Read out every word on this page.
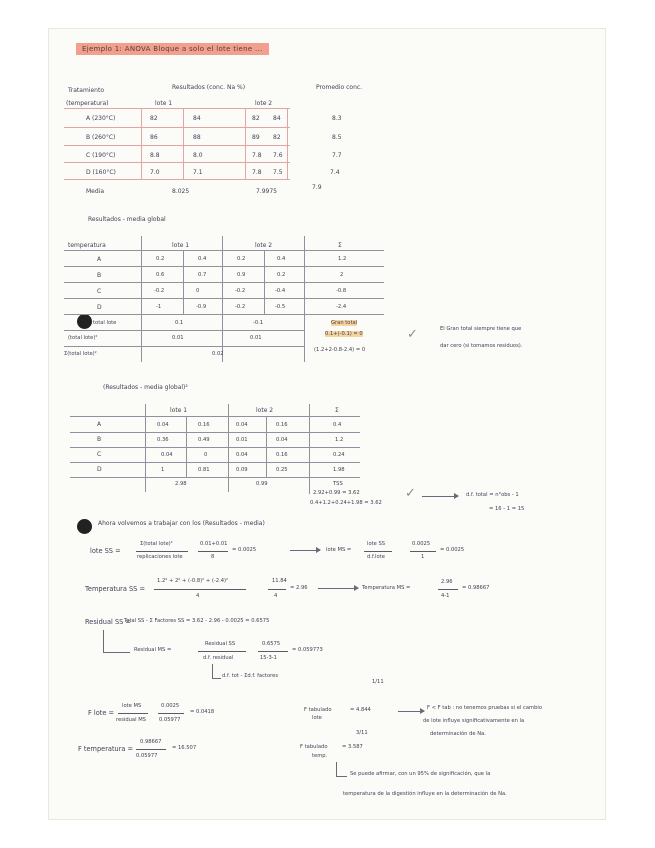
Ejemplo 1: ANOVA Bloque a solo el lote tiene ...
Tratamiento
(temperatura)
Resultados (conc. Na %)	Promedio conc.
lote 1	lote 2
A (230°C)	82	84	82 84	8.3
B (260°C)	86	88	89 82	8.5
C (190°C)	8.8	8.0	7.8 7.6	7.7
D (160°C)	7.0	7.1	7.8 7.5	7.4
Media	8.025	7.9975
7.9
Resultados - media global
temperatura	lote 1	lote 2	Σ
A	0.2	0.4	0.2	0.4	1.2
B	0.6	0.7	0.9	0.2	2
C	-0.2	0	-0.2	-0.4	-0.8
D	-1	-0.9	-0.2	-0.5	-2.4
total lote	0.1	-0.1
(total lote)²	0.01	0.01
Σ(total lote)²	0.02
Gran total
0.1+(-0.1) = 0
(1.2+2-0.8-2.4) = 0
✓	El Gran total siempre tiene que
dar cero (si tomamos residuos).
(Resultados - media global)²
lote 1	lote 2	Σ
A	0.04	0.16	0.04	0.16	0.4
B	0.36	0.49	0.01	0.04	1.2
C	0.04	0	0.04	0.16	0.24
D	1	0.81	0.09	0.25	1.98
2.98	0.99	TSS
2.92+0.99 = 3.62
0.4+1.2+0.24+1.98 = 3.62
✓	d.f. total = n°obs - 1
= 16 - 1 = 15
Ahora volvemos a trabajar con los (Resultados - media)
lote SS =
Σ(total lote)²
replicaciones lote
0.01+0.01
8
= 0.0025	lote MS =
lote SS
d.f.lote
0.0025
1
= 0.0025
Temperatura SS =
1.2² + 2² + (-0.8)² + (-2.4)²
4
11.84
4
= 2.96	Temperatura MS =
2.96
4-1
= 0.98667
Residual SS =
Total SS - Σ Factores SS = 3.62 - 2.96 - 0.0025 = 0.6575
Residual MS =
Residual SS
d.f. residual
0.6575
15-3-1
= 0.059773
d.f. tot - Σd.f. factores
F lote =
lote MS
residual MS
0.0025
0.05977
= 0.0418
F temperatura =
0.98667
0.05977
= 16.507
1/11
F tabulado
lote
= 4.844	F < F tab : no tenemos pruebas si el cambio
de lote influye significativamente en la
determinación de Na.
3/11
F tabulado
temp.
= 3.587
Se puede afirmar, con un 95% de significación, que la
temperatura de la digestión influye en la determinación de Na.
